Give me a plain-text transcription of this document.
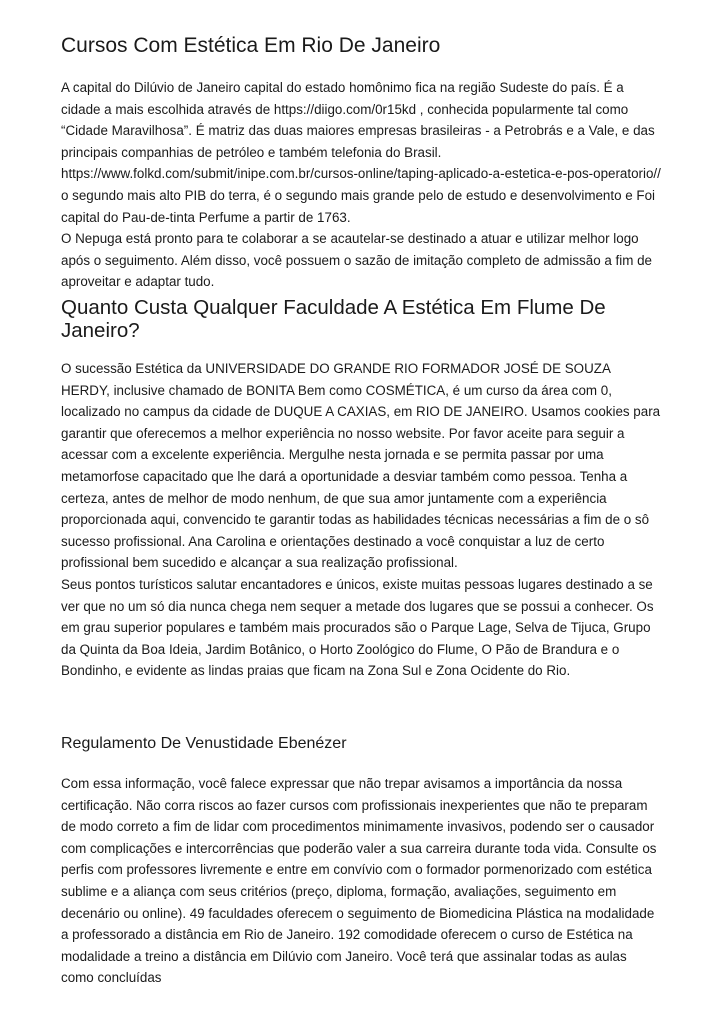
Cursos Com Estética Em Rio De Janeiro

A capital do Dilúvio de Janeiro capital do estado homônimo fica na região Sudeste do país. É a cidade a mais escolhida através de https://diigo.com/0r15kd , conhecida popularmente tal como “Cidade Maravilhosa”. É matriz das duas maiores empresas brasileiras - a Petrobrás e a Vale, e das principais companhias de petróleo e também telefonia do Brasil. https://www.folkd.com/submit/inipe.com.br/cursos-online/taping-aplicado-a-estetica-e-pos-operatorio// o segundo mais alto PIB do terra, é o segundo mais grande pelo de estudo e desenvolvimento e Foi capital do Pau-de-tinta Perfume a partir de 1763.

O Nepuga está pronto para te colaborar a se acautelar-se destinado a atuar e utilizar melhor logo após o seguimento. Além disso, você possuem o sazão de imitação completo de admissão a fim de aproveitar e adaptar tudo.

Quanto Custa Qualquer Faculdade A Estética Em Flume De Janeiro?

O sucessão Estética da UNIVERSIDADE DO GRANDE RIO FORMADOR JOSÉ DE SOUZA HERDY, inclusive chamado de BONITA Bem como COSMÉTICA, é um curso da área com 0, localizado no campus da cidade de DUQUE A CAXIAS, em RIO DE JANEIRO. Usamos cookies para garantir que oferecemos a melhor experiência no nosso website. Por favor aceite para seguir a acessar com a excelente experiência. Mergulhe nesta jornada e se permita passar por uma metamorfose capacitado que lhe dará a oportunidade a desviar também como pessoa. Tenha a certeza, antes de melhor de modo nenhum, de que sua amor juntamente com a experiência proporcionada aqui, convencido te garantir todas as habilidades técnicas necessárias a fim de o sô sucesso profissional. Ana Carolina e orientações destinado a você conquistar a luz de certo profissional bem sucedido e alcançar a sua realização profissional.

Seus pontos turísticos salutar encantadores e únicos, existe muitas pessoas lugares destinado a se ver que no um só dia nunca chega nem sequer a metade dos lugares que se possui a conhecer. Os em grau superior populares e também mais procurados são o Parque Lage, Selva de Tijuca, Grupo da Quinta da Boa Ideia, Jardim Botânico, o Horto Zoológico do Flume, O Pão de Brandura e o Bondinho, e evidente as lindas praias que ficam na Zona Sul e Zona Ocidente do Rio.

Regulamento De Venustidade Ebenézer

Com essa informação, você falece expressar que não trepar avisamos a importância da nossa certificação. Não corra riscos ao fazer cursos com profissionais inexperientes que não te preparam de modo correto a fim de lidar com procedimentos minimamente invasivos, podendo ser o causador com complicações e intercorrências que poderão valer a sua carreira durante toda vida. Consulte os perfis com professores livremente e entre em convívio com o formador pormenorizado com estética sublime e a aliança com seus critérios (preço, diploma, formação, avaliações, seguimento em decenário ou online). 49 faculdades oferecem o seguimento de Biomedicina Plástica na modalidade a professorado a distância em Rio de Janeiro. 192 comodidade oferecem o curso de Estética na modalidade a treino a distância em Dilúvio com Janeiro. Você terá que assinalar todas as aulas como concluídas
